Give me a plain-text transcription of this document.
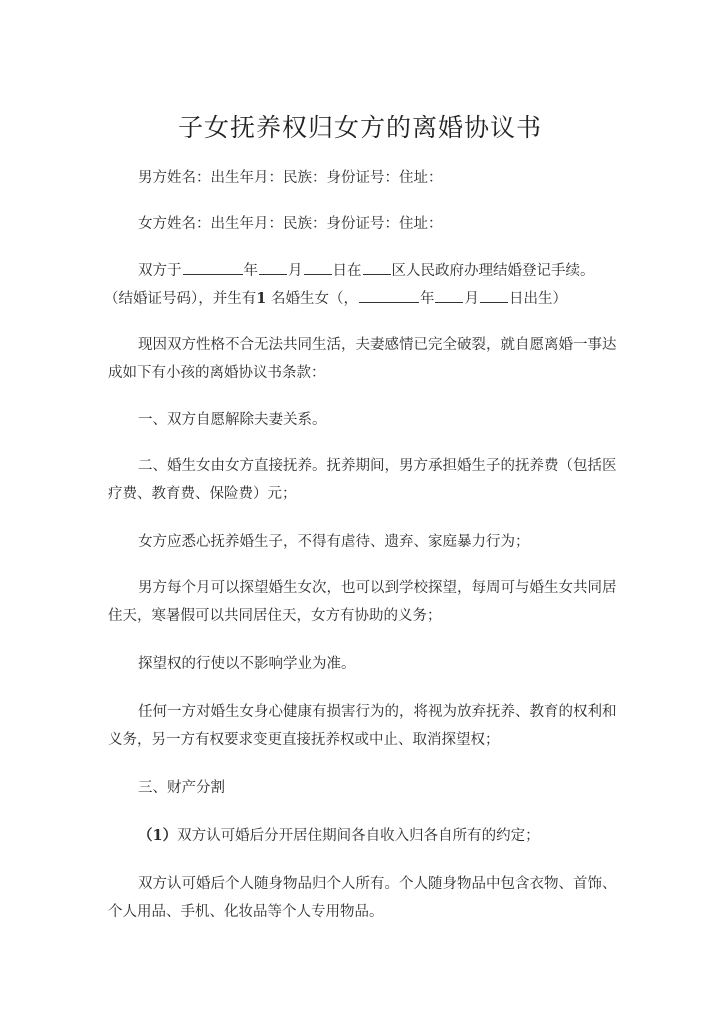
子女抚养权归女方的离婚协议书
男方姓名：出生年月：民族：身份证号：住址：
女方姓名：出生年月：民族：身份证号：住址：
双方于	年 月 日在 区人民政府办理结婚登记手续。
（结婚证号码），并生有1 名婚生女（，	年 月 日出生）
现因双方性格不合无法共同生活，夫妻感情已完全破裂，就自愿离婚一事达
成如下有小孩的离婚协议书条款：
一、双方自愿解除夫妻关系。
二、婚生女由女方直接抚养。抚养期间，男方承担婚生子的抚养费（包括医
疗费、教育费、保险费）元；
女方应悉心抚养婚生子，不得有虐待、遗弃、家庭暴力行为；
男方每个月可以探望婚生女次，也可以到学校探望，每周可与婚生女共同居
住天，寒暑假可以共同居住天，女方有协助的义务；
探望权的行使以不影响学业为准。
任何一方对婚生女身心健康有损害行为的，将视为放弃抚养、教育的权利和
义务，另一方有权要求变更直接抚养权或中止、取消探望权；
三、财产分割
（1）双方认可婚后分开居住期间各自收入归各自所有的约定；
双方认可婚后个人随身物品归个人所有。个人随身物品中包含衣物、首饰、
个人用品、手机、化妆品等个人专用物品。
